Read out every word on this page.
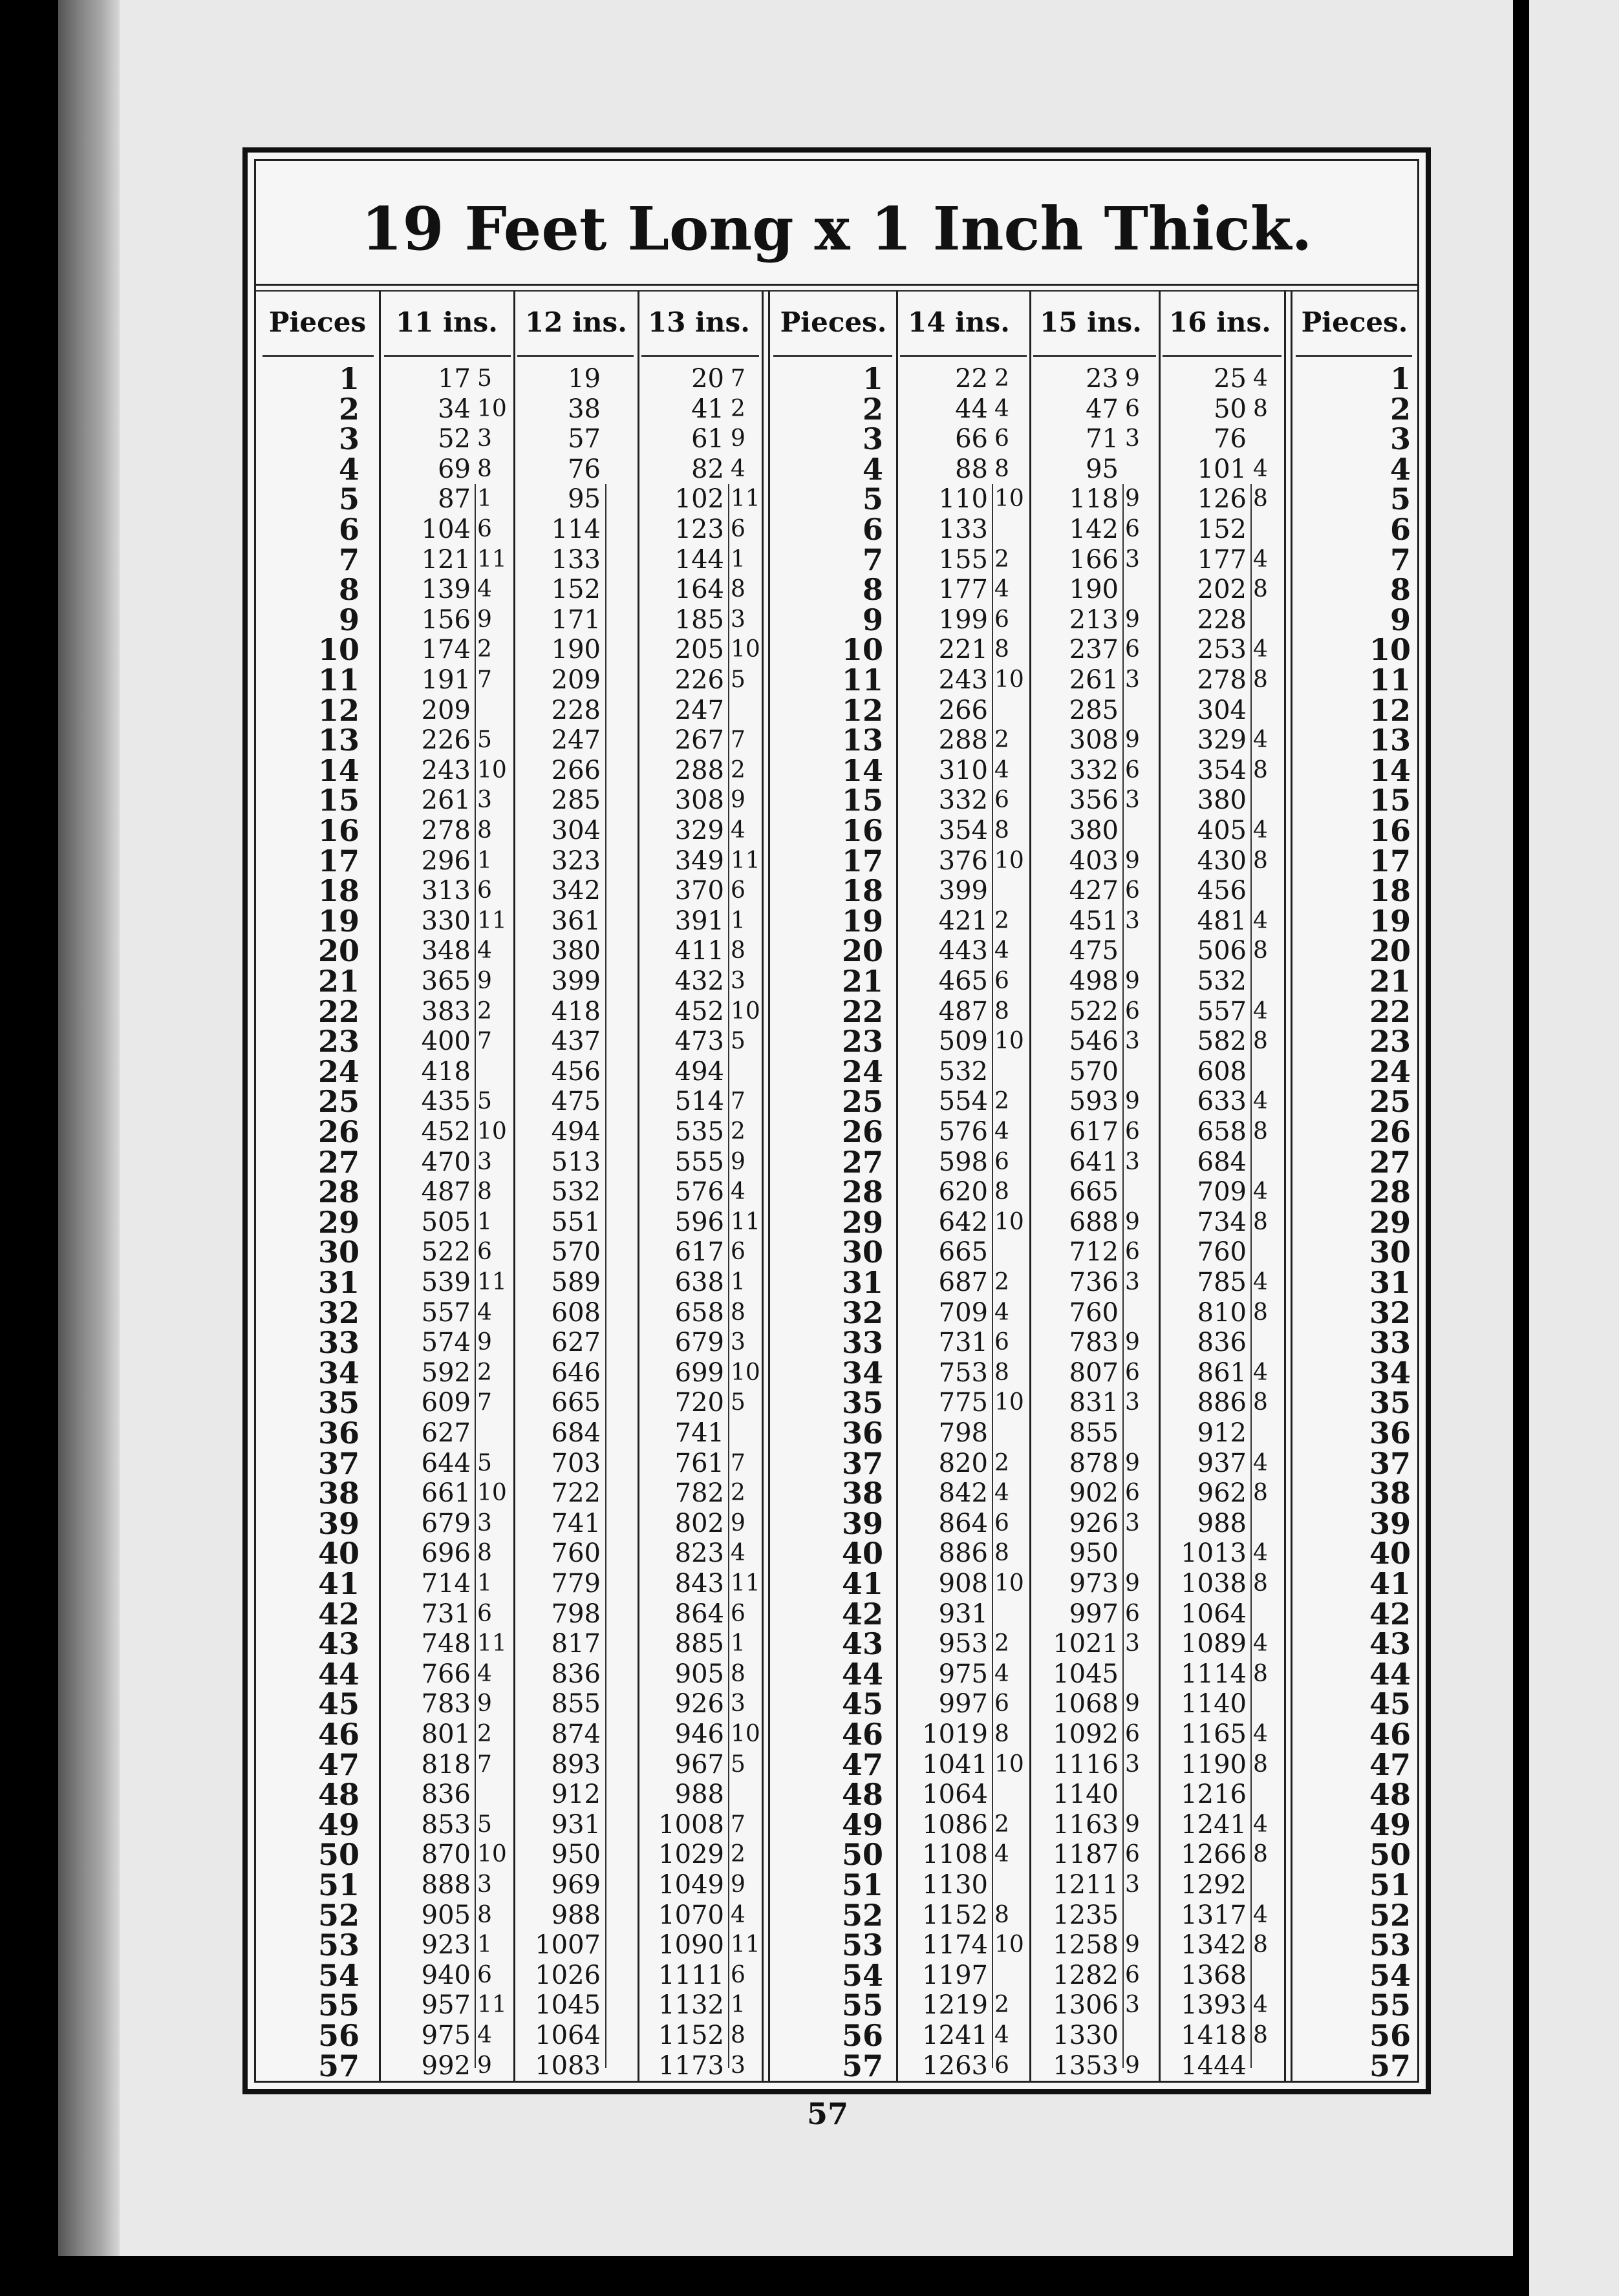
19 Feet Long x 1 Inch Thick.
Pieces	11 ins.	12 ins. 13 ins.	Pieces. 14 ins.	15 ins.	16 ins.	Pieces.
1	17 5	19	20 7	1	22 2	23 9	25 4	1
2	34 10	38	41 2	2	44 4	47 6	50 8	2
3	52 3	57	61 9	3	66 6	71 3	76	3
4	69 8	76	82 4	4	88 8	95	101 4	4
5	87 1	95	102 11	5	110 10	118 9	126 8	5
6	104 6	114	123 6	6	133	142 6	152	6
7	121 11	133	144 1	7	155 2	166 3	177 4	7
8	139 4	152	164 8	8	177 4	190	202 8	8
9	156 9	171	185 3	9	199 6	213 9	228	9
10	174 2	190	205 10	10	221 8	237 6	253 4	10
11	191 7	209	226 5	11	243 10	261 3	278 8	11
12	209	228	247	12	266	285	304	12
13	226 5	247	267 7	13	288 2	308 9	329 4	13
14	243 10	266	288 2	14	310 4	332 6	354 8	14
15	261 3	285	308 9	15	332 6	356 3	380	15
16	278 8	304	329 4	16	354 8	380	405 4	16
17	296 1	323	349 11	17	376 10	403 9	430 8	17
18	313 6	342	370 6	18	399	427 6	456	18
19	330 11	361	391 1	19	421 2	451 3	481 4	19
20	348 4	380	411 8	20	443 4	475	506 8	20
21	365 9	399	432 3	21	465 6	498 9	532	21
22	383 2	418	452 10	22	487 8	522 6	557 4	22
23	400 7	437	473 5	23	509 10	546 3	582 8	23
24	418	456	494	24	532	570	608	24
25	435 5	475	514 7	25	554 2	593 9	633 4	25
26	452 10	494	535 2	26	576 4	617 6	658 8	26
27	470 3	513	555 9	27	598 6	641 3	684	27
28	487 8	532	576 4	28	620 8	665	709 4	28
29	505 1	551	596 11	29	642 10	688 9	734 8	29
30	522 6	570	617 6	30	665	712 6	760	30
31	539 11	589	638 1	31	687 2	736 3	785 4	31
32	557 4	608	658 8	32	709 4	760	810 8	32
33	574 9	627	679 3	33	731 6	783 9	836	33
34	592 2	646	699 10	34	753 8	807 6	861 4	34
35	609 7	665	720 5	35	775 10	831 3	886 8	35
36	627	684	741	36	798	855	912	36
37	644 5	703	761 7	37	820 2	878 9	937 4	37
38	661 10	722	782 2	38	842 4	902 6	962 8	38
39	679 3	741	802 9	39	864 6	926 3	988	39
40	696 8	760	823 4	40	886 8	950	1013 4	40
41	714 1	779	843 11	41	908 10	973 9	1038 8	41
42	731 6	798	864 6	42	931	997 6	1064	42
43	748 11	817	885 1	43	953 2	1021 3	1089 4	43
44	766 4	836	905 8	44	975 4	1045	1114 8	44
45	783 9	855	926 3	45	997 6	1068 9	1140	45
46	801 2	874	946 10	46	1019 8	1092 6	1165 4	46
47	818 7	893	967 5	47	1041 10	1116 3	1190 8	47
48	836	912	988	48	1064	1140	1216	48
49	853 5	931	1008 7	49	1086 2	1163 9	1241 4	49
50	870 10	950	1029 2	50	1108 4	1187 6	1266 8	50
51	888 3	969	1049 9	51	1130	1211 3	1292	51
52	905 8	988	1070 4	52	1152 8	1235	1317 4	52
53	923 1	1007	1090 11	53	1174 10	1258 9	1342 8	53
54	940 6	1026	1111 6	54	1197	1282 6	1368	54
55	957 11	1045	1132 1	55	1219 2	1306 3	1393 4	55
56	975 4	1064	1152 8	56	1241 4	1330	1418 8	56
57	992 9	1083	1173 3	57	1263 6	1353 9	1444	57
57
